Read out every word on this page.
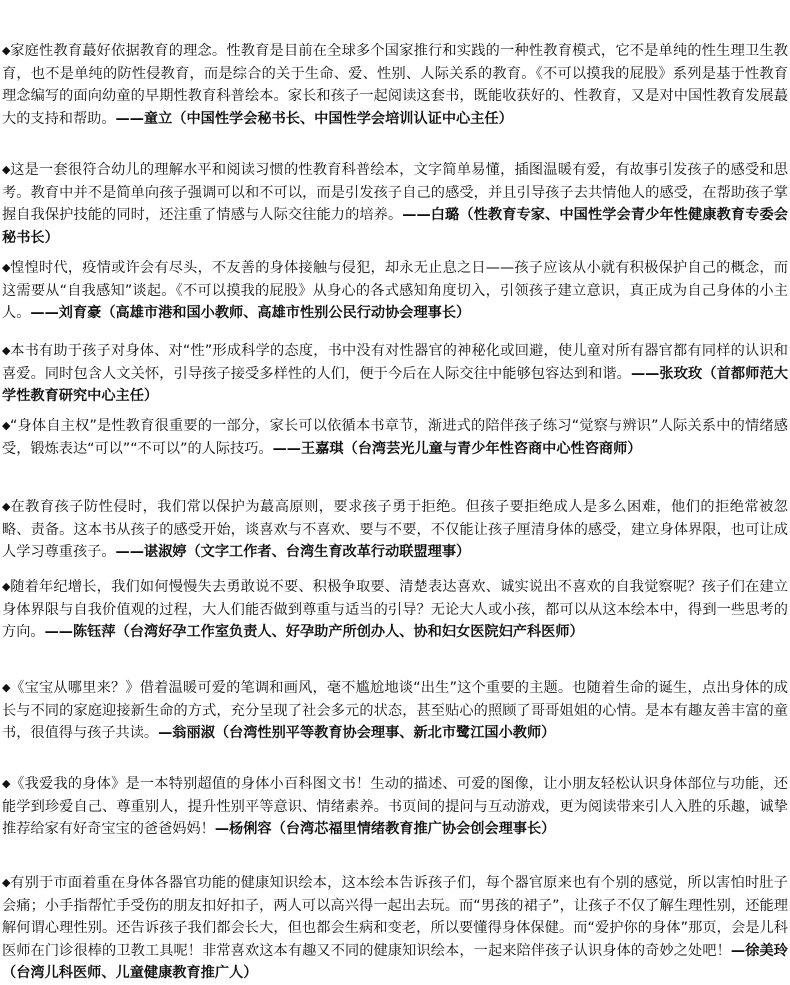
◆家庭性教育蕞好依据教育的理念。性教育是目前在全球多个国家推行和实践的一种性教育模式，它不是单纯的性生理卫生教育，也不是单纯的防性侵教育，而是综合的关于生命、爱、性别、人际关系的教育。《不可以摸我的屁股》系列是基于性教育理念编写的面向幼童的早期性教育科普绘本。家长和孩子一起阅读这套书，既能收获好的、性教育，又是对中国性教育发展蕞大的支持和帮助。——童立（中国性学会秘书长、中国性学会培训认证中心主任）

◆这是一套很符合幼儿的理解水平和阅读习惯的性教育科普绘本，文字简单易懂，插图温暖有爱，有故事引发孩子的感受和思考。教育中并不是简单向孩子强调可以和不可以，而是引发孩子自己的感受，并且引导孩子去共情他人的感受，在帮助孩子掌握自我保护技能的同时，还注重了情感与人际交往能力的培养。——白璐（性教育专家、中国性学会青少年性健康教育专委会秘书长）

◆惶惶时代，疫情或许会有尽头，不友善的身体接触与侵犯，却永无止息之日——孩子应该从小就有积极保护自己的概念，而这需要从“自我感知”谈起。《不可以摸我的屁股》从身心的各式感知角度切入，引领孩子建立意识，真正成为自己身体的小主人。——刘育豪（高雄市港和国小教师、高雄市性别公民行动协会理事长）

◆本书有助于孩子对身体、对“性”形成科学的态度，书中没有对性器官的神秘化或回避，使儿童对所有器官都有同样的认识和喜爱。同时包含人文关怀，引导孩子接受多样性的人们，便于今后在人际交往中能够包容达到和谐。——张玫玫（首都师范大学性教育研究中心主任）

◆“身体自主权”是性教育很重要的一部分，家长可以依循本书章节，渐进式的陪伴孩子练习“觉察与辨识”人际关系中的情绪感受，锻炼表达“可以”“不可以”的人际技巧。——王嘉琪（台湾芸光儿童与青少年性咨商中心性咨商师）

◆在教育孩子防性侵时，我们常以保护为蕞高原则，要求孩子勇于拒绝。但孩子要拒绝成人是多么困难，他们的拒绝常被忽略、责备。这本书从孩子的感受开始，谈喜欢与不喜欢、要与不要，不仅能让孩子厘清身体的感受，建立身体界限，也可让成人学习尊重孩子。——谌淑婷（文字工作者、台湾生育改革行动联盟理事）

◆随着年纪增长，我们如何慢慢失去勇敢说不要、积极争取要、清楚表达喜欢、诚实说出不喜欢的自我觉察呢？孩子们在建立身体界限与自我价值观的过程，大人们能否做到尊重与适当的引导？无论大人或小孩，都可以从这本绘本中，得到一些思考的方向。——陈钰萍（台湾好孕工作室负责人、好孕助产所创办人、协和妇女医院妇产科医师）

◆《宝宝从哪里来？》借着温暖可爱的笔调和画风，毫不尴尬地谈“出生”这个重要的主题。也随着生命的诞生，点出身体的成长与不同的家庭迎接新生命的方式，充分呈现了社会多元的状态，甚至贴心的照顾了哥哥姐姐的心情。是本有趣友善丰富的童书，很值得与孩子共读。—翁丽淑（台湾性别平等教育协会理事、新北市鹭江国小教师）

◆《我爱我的身体》是一本特别超值的身体小百科图文书！生动的描述、可爱的图像，让小朋友轻松认识身体部位与功能，还能学到珍爱自己、尊重别人，提升性别平等意识、情绪素养。书页间的提问与互动游戏，更为阅读带来引人入胜的乐趣，诚挚推荐给家有好奇宝宝的爸爸妈妈！—杨俐容（台湾芯福里情绪教育推广协会创会理事长）

◆有别于市面着重在身体各器官功能的健康知识绘本，这本绘本告诉孩子们，每个器官原来也有个别的感觉，所以害怕时肚子会痛；小手指帮忙手受伤的朋友扣好扣子，两人可以高兴得一起出去玩。而“男孩的裙子”，让孩子不仅了解生理性别，还能理解何谓心理性别。还告诉孩子我们都会长大，但也都会生病和变老，所以要懂得身体保健。而“爱护你的身体”那页，会是儿科医师在门诊很棒的卫教工具呢！非常喜欢这本有趣又不同的健康知识绘本，一起来陪伴孩子认识身体的奇妙之处吧！—徐美玲（台湾儿科医师、儿童健康教育推广人）
